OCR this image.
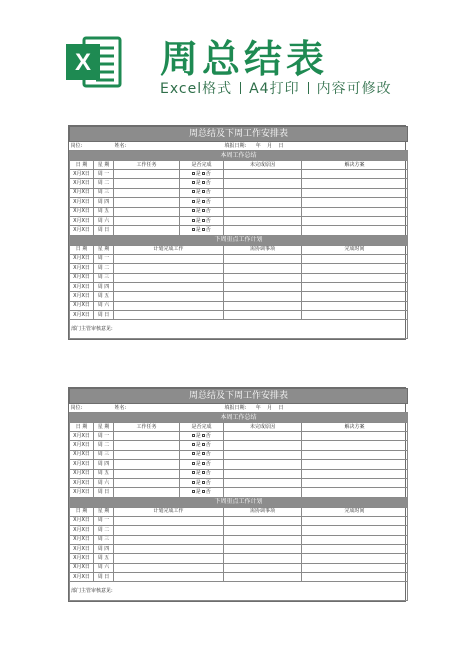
X 周总结表
Excel格式 A4打印 内容可修改
周总结及下周工作安排表					
岗位:		姓名:		填报日期: 年 月 日	
本周工作总结					
日 期	星 期	工作任务	是否完成	未完成原因	解决方案
X月X日	周 一		是 否		
X月X日	周 二		是 否		
X月X日	周 三		是 否		
X月X日	周 四		是 否		
X月X日	周 五		是 否		
X月X日	周 六		是 否		
X月X日	周 日		是 否		
下周重点工作计划					
日 期	星 期	计划完成工作		需协调事项	完成时间
X月X日	周 一				
X月X日	周 二				
X月X日	周 三				
X月X日	周 四				
X月X日	周 五				
X月X日	周 六				
X月X日	周 日				
部门主管审核意见:					
周总结及下周工作安排表					
岗位:		姓名:		填报日期: 年 月 日	
本周工作总结					
日 期	星 期	工作任务	是否完成	未完成原因	解决方案
X月X日	周 一		是 否		
X月X日	周 二		是 否		
X月X日	周 三		是 否		
X月X日	周 四		是 否		
X月X日	周 五		是 否		
X月X日	周 六		是 否		
X月X日	周 日		是 否		
下周重点工作计划					
日 期	星 期	计划完成工作		需协调事项	完成时间
X月X日	周 一				
X月X日	周 二				
X月X日	周 三				
X月X日	周 四				
X月X日	周 五				
X月X日	周 六				
X月X日	周 日				
部门主管审核意见:					
